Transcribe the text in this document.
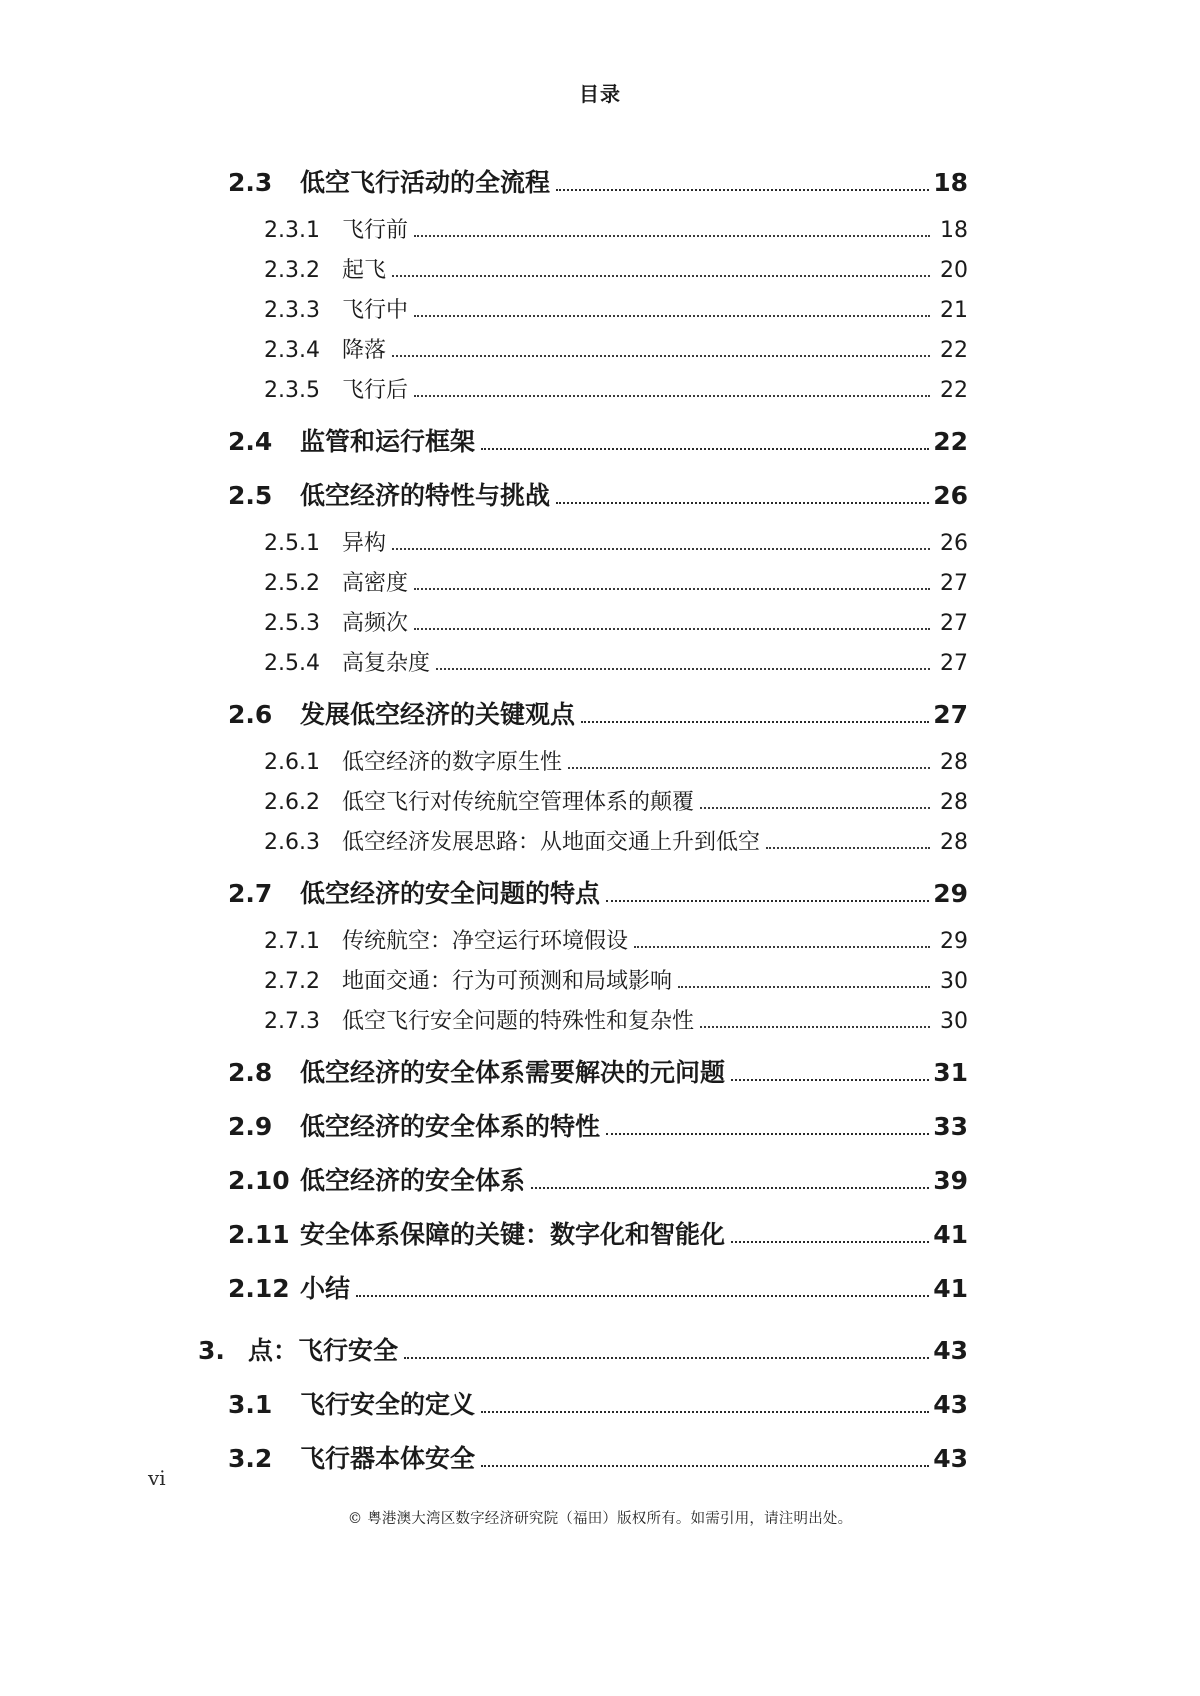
目录
2.3	低空飞行活动的全流程	18
2.3.1	飞行前	18
2.3.2	起飞	20
2.3.3	飞行中	21
2.3.4	降落	22
2.3.5	飞行后	22
2.4	监管和运行框架	22
2.5	低空经济的特性与挑战	26
2.5.1	异构	26
2.5.2	高密度	27
2.5.3	高频次	27
2.5.4	高复杂度	27
2.6	发展低空经济的关键观点	27
2.6.1	低空经济的数字原生性	28
2.6.2	低空飞行对传统航空管理体系的颠覆	28
2.6.3	低空经济发展思路：从地面交通上升到低空	28
2.7	低空经济的安全问题的特点	29
2.7.1	传统航空：净空运行环境假设	29
2.7.2	地面交通：行为可预测和局域影响	30
2.7.3	低空飞行安全问题的特殊性和复杂性	30
2.8	低空经济的安全体系需要解决的元问题	31
2.9	低空经济的安全体系的特性	33
2.10 低空经济的安全体系	39
2.11 安全体系保障的关键：数字化和智能化	41
2.12 小结	41
3. 点：飞行安全	43
3.1	飞行安全的定义	43
3.2	飞行器本体安全	43
vi
© 粤港澳大湾区数字经济研究院（福田）版权所有。如需引用，请注明出处。
